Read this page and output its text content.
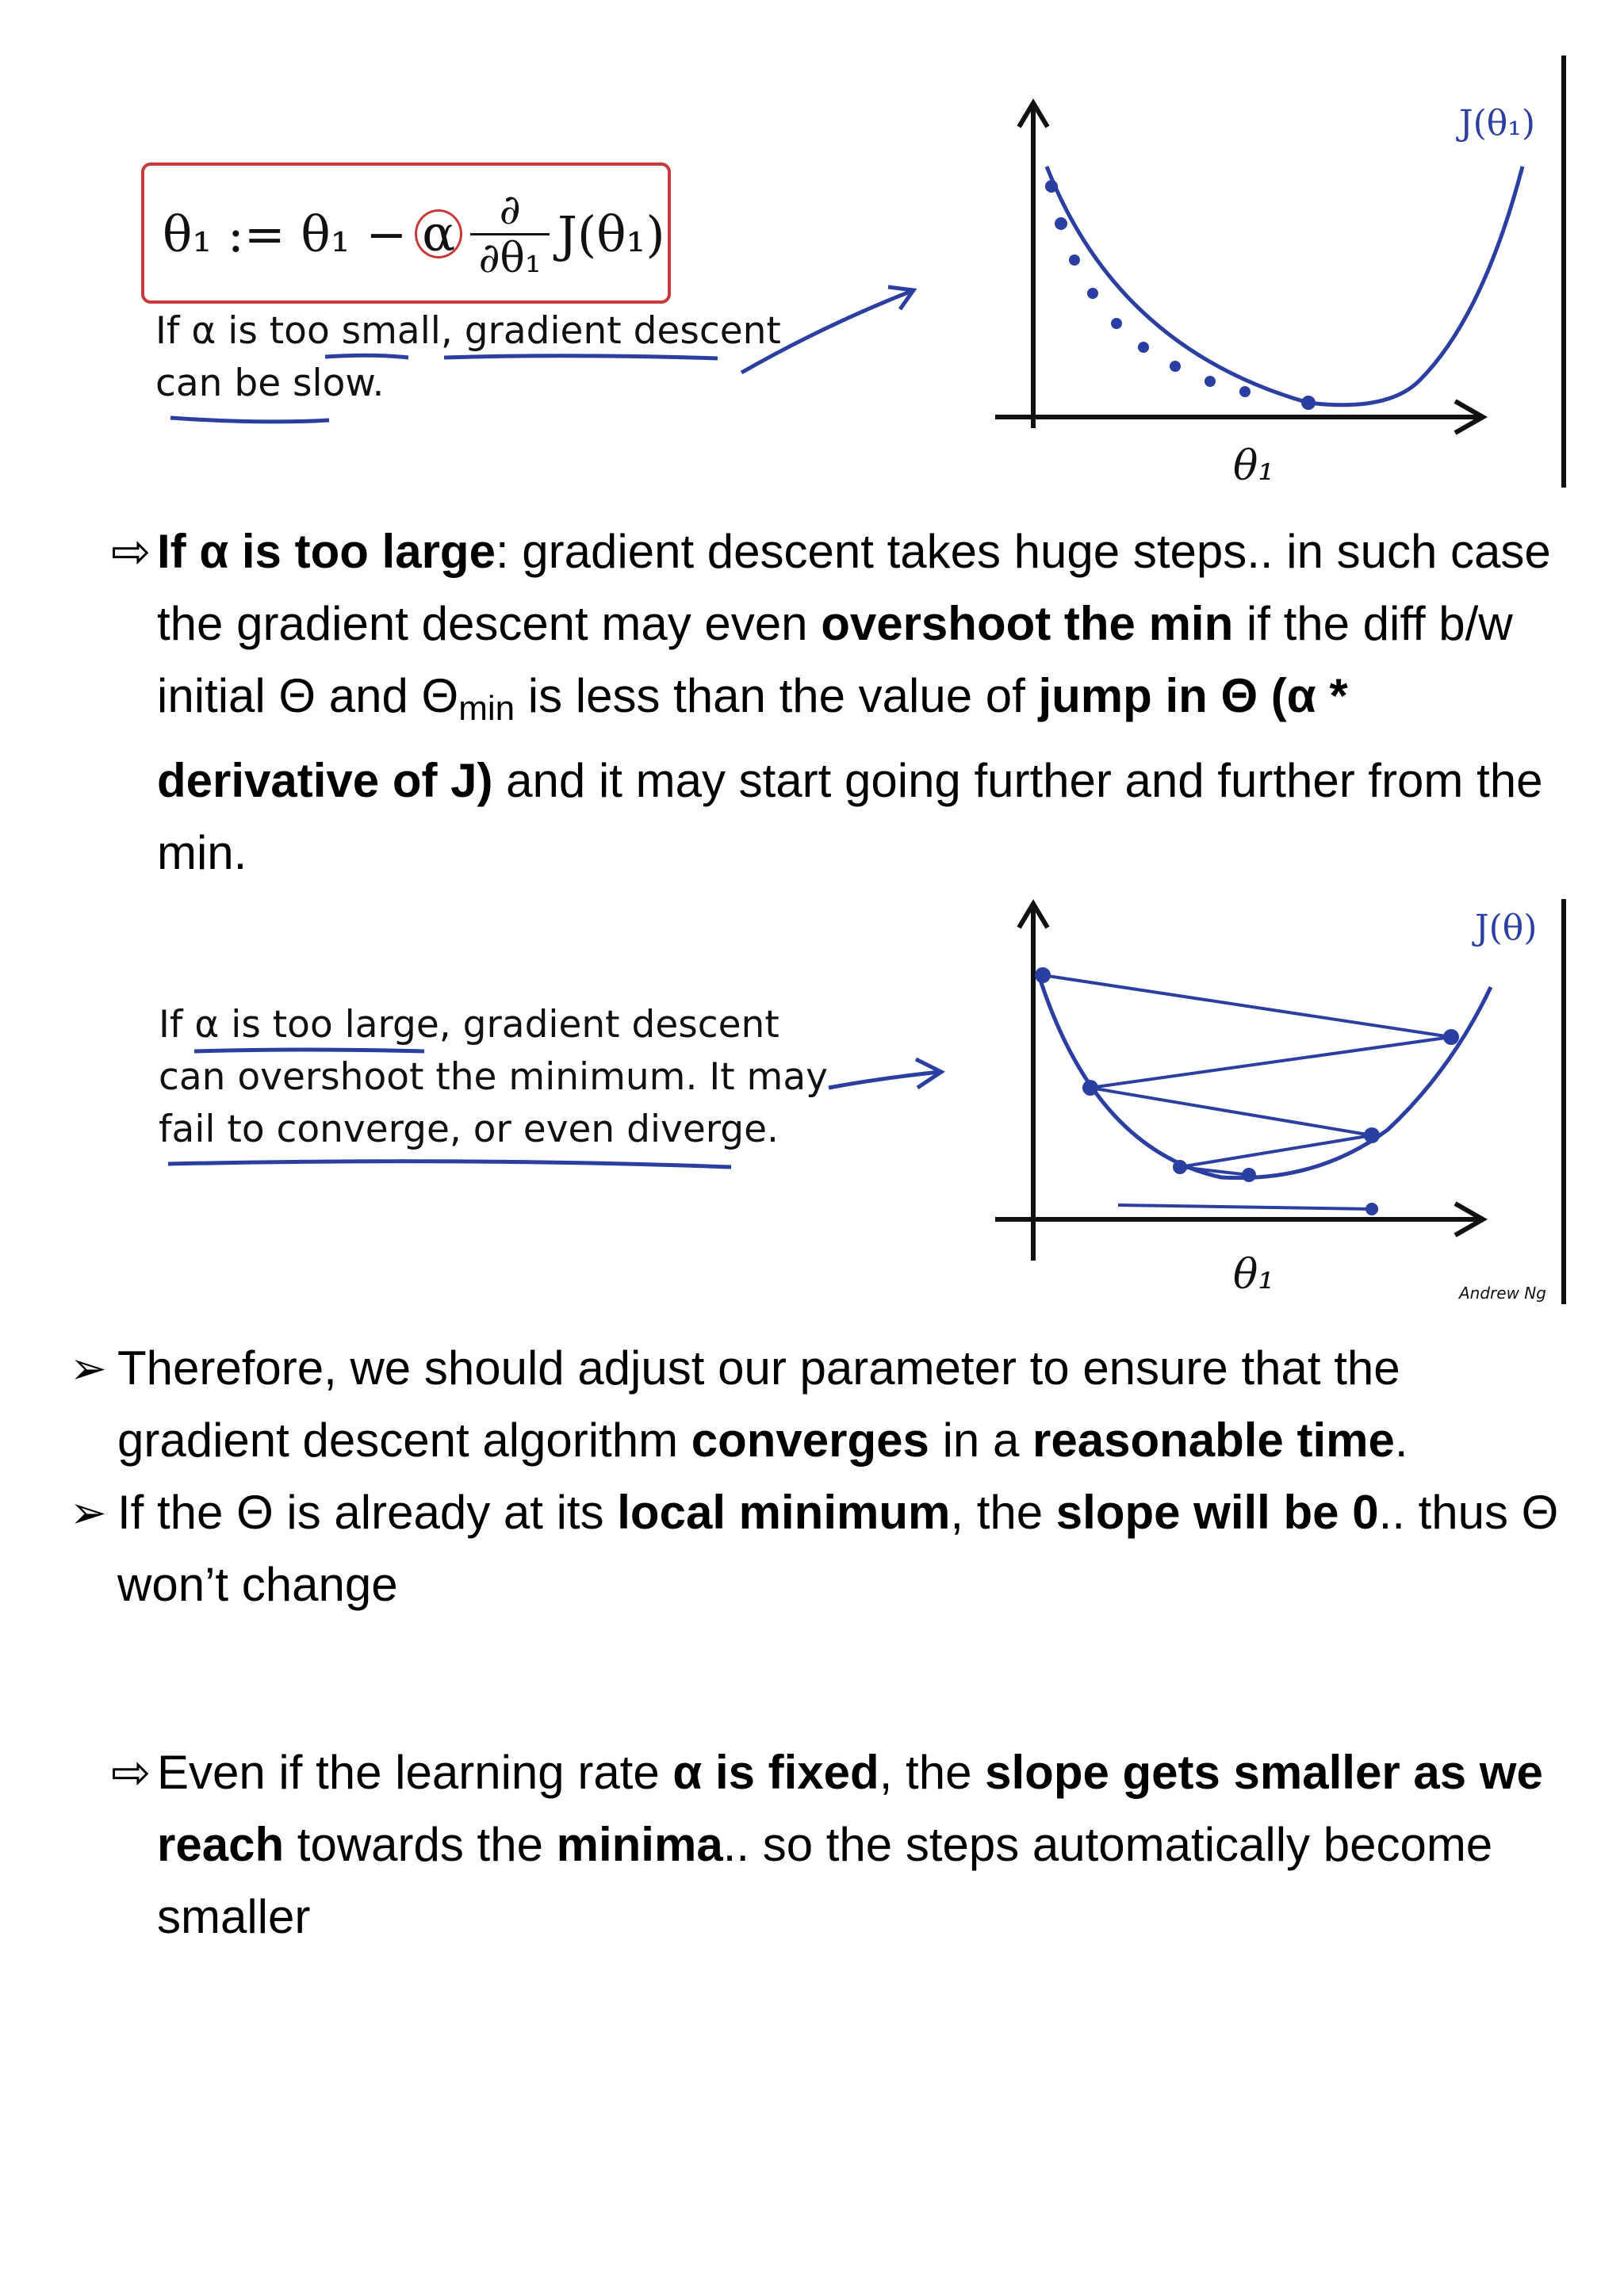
θ₁ := θ₁ − α ∂
∂θ₁ J(θ₁)
If α is too small, gradient descent
can be slow.
J(θ₁)
θ₁
⇨ If α is too large: gradient descent takes huge steps.. in such case the gradient descent may even overshoot the min if the diff b/w initial Θ and $\Theta_{min}$ is less than the value of jump in Θ (α * derivative of J) and it may start going further and further from the min.
If α is too large, gradient descent
can overshoot the minimum. It may
fail to converge, or even diverge.
J(θ)
θ₁	Andrew Ng
➢ Therefore, we should adjust our parameter to ensure that the gradient descent algorithm converges in a reasonable time.
➢ If the Θ is already at its local minimum, the slope will be 0.. thus Θ won’t change
⇨ Even if the learning rate α is fixed, the slope gets smaller as we reach towards the minima.. so the steps automatically become smaller
